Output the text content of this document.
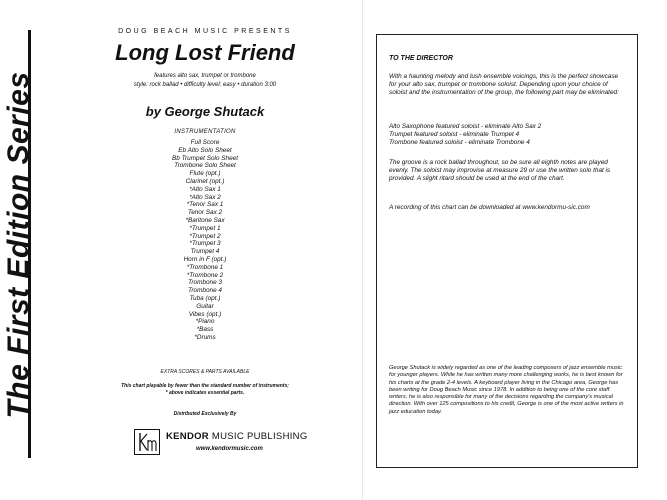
The First Edition Series
DOUG BEACH MUSIC PRESENTS
Long Lost Friend
features alto sax, trumpet or trombone
style: rock ballad • difficulty level: easy • duration 3:00
by George Shutack
INSTRUMENTATION
Full Score
Eb Alto Solo Sheet
Bb Trumpet Solo Sheet
Trombone Solo Sheet
Flute (opt.)
Clarinet (opt.)
*Alto Sax 1
*Alto Sax 2
*Tenor Sax 1
Tenor Sax 2
*Baritone Sax
*Trumpet 1
*Trumpet 2
*Trumpet 3
Trumpet 4
Horn in F (opt.)
*Trombone 1
*Trombone 2
Trombone 3
Trombone 4
Tuba (opt.)
Guitar
Vibes (opt.)
*Piano
*Bass
*Drums
EXTRA SCORES & PARTS AVAILABLE
This chart playable by fewer than the standard number of instruments;
* above indicates essential parts.
Distributed Exclusively By
KENDOR MUSIC PUBLISHING
www.kendormusic.com
TO THE DIRECTOR

With a haunting melody and lush ensemble voicings, this is the perfect showcase for your alto sax, trumpet or trombone soloist. Depending upon your choice of soloist and the instrumentation of the group, the following part may be eliminated:

Alto Saxophone featured soloist - eliminate Alto Sax 2
Trumpet featured soloist - eliminate Trumpet 4
Trombone featured soloist - eliminate Trombone 4

The groove is a rock ballad throughout, so be sure all eighth notes are played evenly. The soloist may improvise at measure 29 or use the written solo that is provided. A slight ritard should be used at the end of the chart.

A recording of this chart can be downloaded at www.kendormu-sic.com

George Shutack is widely regarded as one of the leading composers of jazz ensemble music for younger players. While he has written many more challenging works, he is best known for his charts at the grade 2-4 levels. A keyboard player living in the Chicago area, George has been writing for Doug Beach Music since 1978. In addition to being one of the core staff writers, he is also responsible for many of the decisions regarding the company's musical direction. With over 125 compositions to his credit, George is one of the most active writers in jazz education today.
